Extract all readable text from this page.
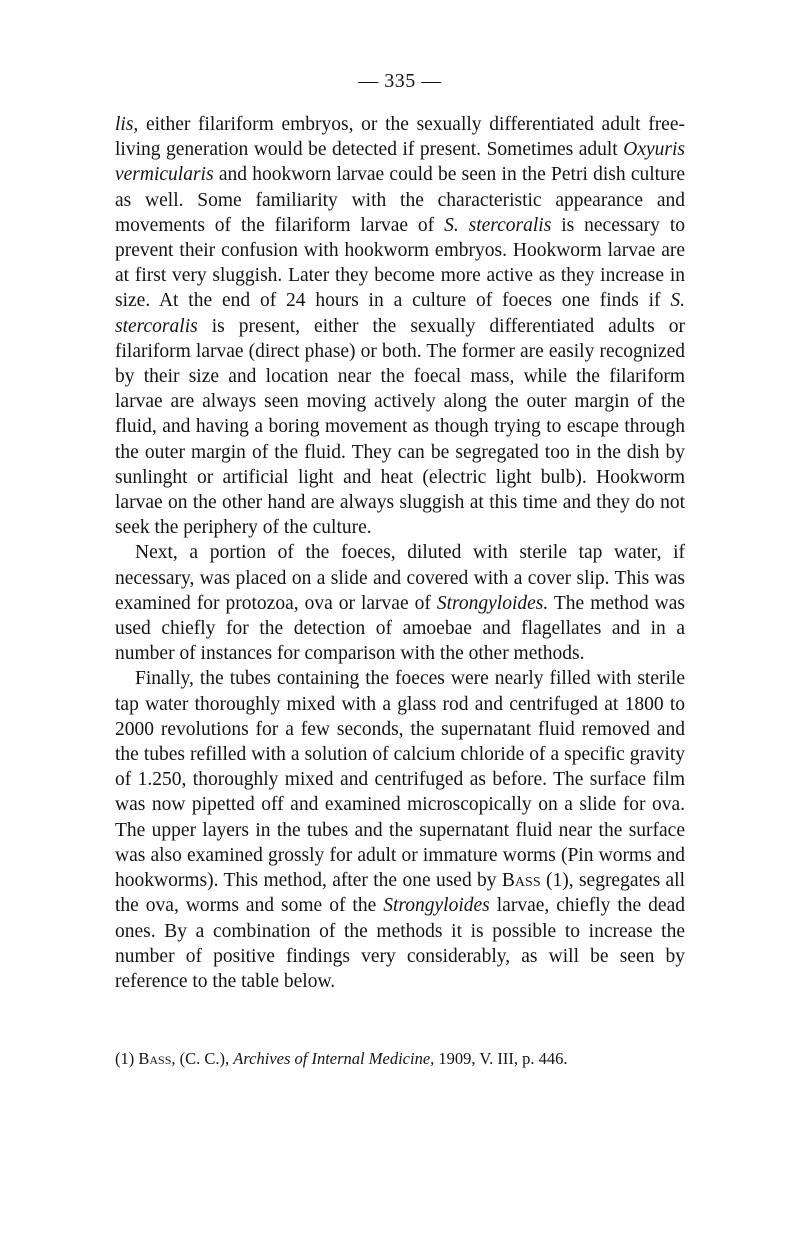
— 335 —

lis, either filariform embryos, or the sexually differentiated adult free-living generation would be detected if present. Sometimes adult Oxyuris vermicularis and hookworn larvae could be seen in the Petri dish culture as well. Some familiarity with the characteristic appearance and movements of the filariform larvae of S. stercoralis is necessary to prevent their confusion with hookworm embryos. Hookworm larvae are at first very sluggish. Later they become more active as they increase in size. At the end of 24 hours in a culture of foeces one finds if S. stercoralis is present, either the sexually differentiated adults or filariform larvae (direct phase) or both. The former are easily recognized by their size and location near the foecal mass, while the filariform larvae are always seen moving actively along the outer margin of the fluid, and having a boring movement as though trying to escape through the outer margin of the fluid. They can be segregated too in the dish by sunlinght or artificial light and heat (electric light bulb). Hookworm larvae on the other hand are always sluggish at this time and they do not seek the periphery of the culture.

Next, a portion of the foeces, diluted with sterile tap water, if necessary, was placed on a slide and covered with a cover slip. This was examined for protozoa, ova or larvae of Strongyloides. The method was used chiefly for the detection of amoebae and flagellates and in a number of instances for comparison with the other methods.

Finally, the tubes containing the foeces were nearly filled with sterile tap water thoroughly mixed with a glass rod and centrifuged at 1800 to 2000 revolutions for a few seconds, the supernatant fluid removed and the tubes refilled with a solution of calcium chloride of a specific gravity of 1.250, thoroughly mixed and centrifuged as before. The surface film was now pipetted off and examined microscopically on a slide for ova. The upper layers in the tubes and the supernatant fluid near the surface was also examined grossly for adult or immature worms (Pin worms and hookworms). This method, after the one used by Bass (1), segregates all the ova, worms and some of the Strongyloides larvae, chiefly the dead ones. By a combination of the methods it is possible to increase the number of positive findings very considerably, as will be seen by reference to the table below.

(1) Bass, (C. C.), Archives of Internal Medicine, 1909, V. III, p. 446.
